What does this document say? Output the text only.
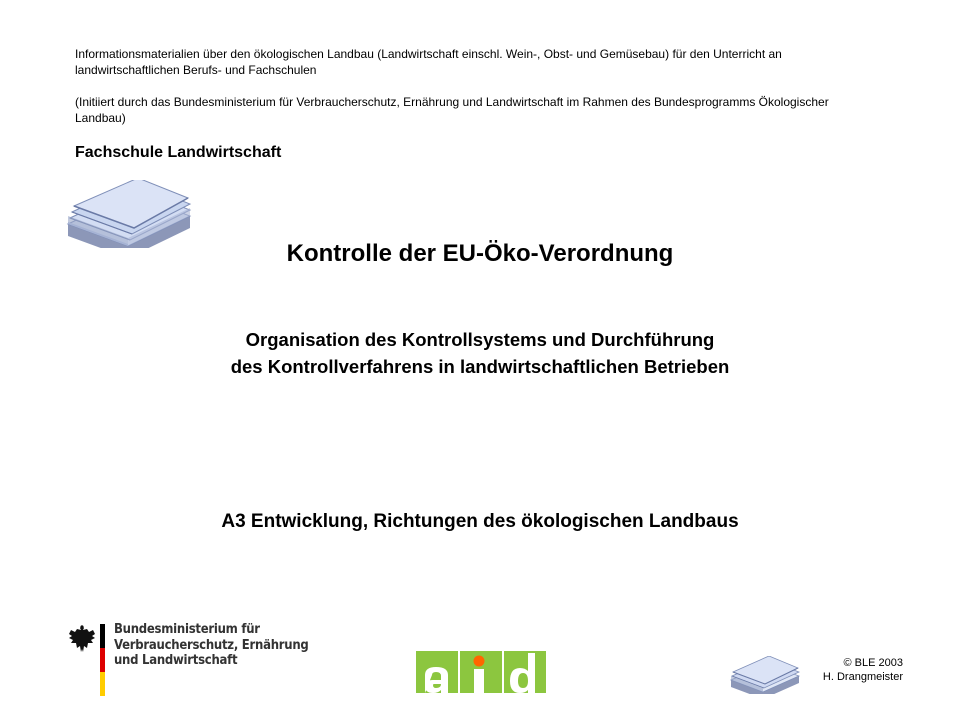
Informationsmaterialien über den ökologischen Landbau (Landwirtschaft einschl. Wein-, Obst- und Gemüsebau) für den Unterricht an landwirtschaftlichen Berufs- und Fachschulen

(Initiiert durch das Bundesministerium für Verbraucherschutz, Ernährung und Landwirtschaft im Rahmen des Bundesprogramms Ökologischer Landbau)

Fachschule Landwirtschaft
Kontrolle der EU-Öko-Verordnung
Organisation des Kontrollsystems und Durchführung
des Kontrollverfahrens in landwirtschaftlichen Betrieben
A3 Entwicklung, Richtungen des ökologischen Landbaus
Bundesministerium für
Verbraucherschutz, Ernährung
und Landwirtschaft	© BLE 2003
H. Drangmeister
